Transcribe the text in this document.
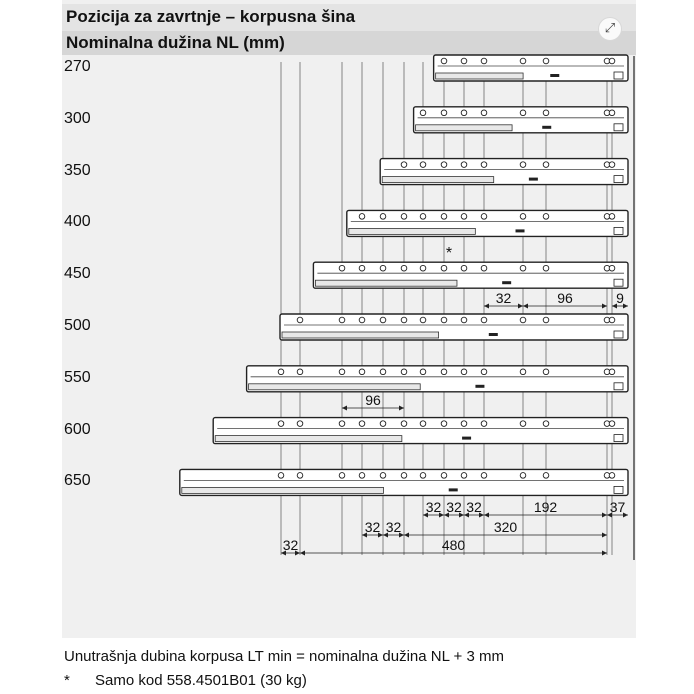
Pozicija za zavrtnje – korpusna šina
Nominalna dužina NL (mm)
⤢
270
300
350
400
450
500
550
600
650
*
32	96	9
96
32 32 32	192	37
32 32	320
32	480
Unutrašnja dubina korpusa LT min = nominalna dužina NL + 3 mm
* Samo kod 558.4501B01 (30 kg)
